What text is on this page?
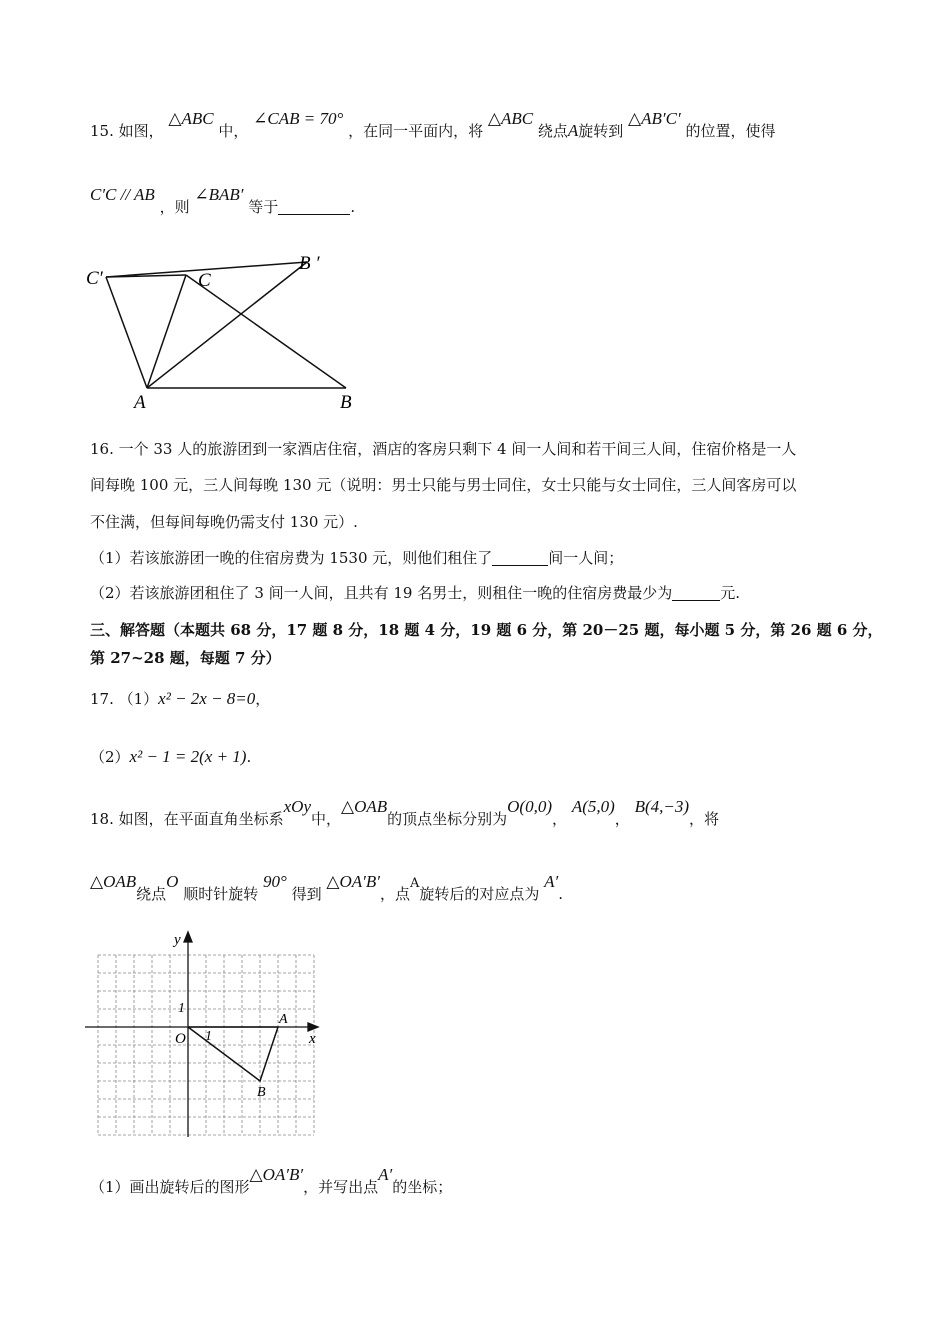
15. 如图， △ABC 中， ∠CAB = 70° ，在同一平面内，将 △ABC 绕点A旋转到 △AB′C′ 的位置，使得
C′C // AB ，则 ∠BAB′ 等于	.
C′	C
B ′
A	B
16. 一个 33 人的旅游团到一家酒店住宿，酒店的客房只剩下 4 间一人间和若干间三人间，住宿价格是一人
间每晚 100 元，三人间每晚 130 元（说明：男士只能与男士同住，女士只能与女士同住，三人间客房可以
不住满，但每间每晚仍需支付 130 元）.
（1）若该旅游团一晚的住宿房费为 1530 元，则他们租住了	间一人间；
（2）若该旅游团租住了 3 间一人间，且共有 19 名男士，则租住一晚的住宿房费最少为	元.
三、解答题（本题共 68 分，17 题 8 分，18 题 4 分，19 题 6 分，第 20－25 题，每小题 5 分，第 26 题 6 分，
第 27~28 题，每题 7 分）
17. （1）x² − 2x − 8=0，
（2）x² − 1 = 2(x + 1).
18. 如图，在平面直角坐标系xOy中，△OAB的顶点坐标分别为O(0,0)， A(5,0)， B(4,−3)，将
△OAB绕点O 顺时针旋转 90° 得到 △OA′B′，点A旋转后的对应点为 A′.
y
x
O
1
1
A
B
（1）画出旋转后的图形△OA′B′，并写出点A′的坐标；
